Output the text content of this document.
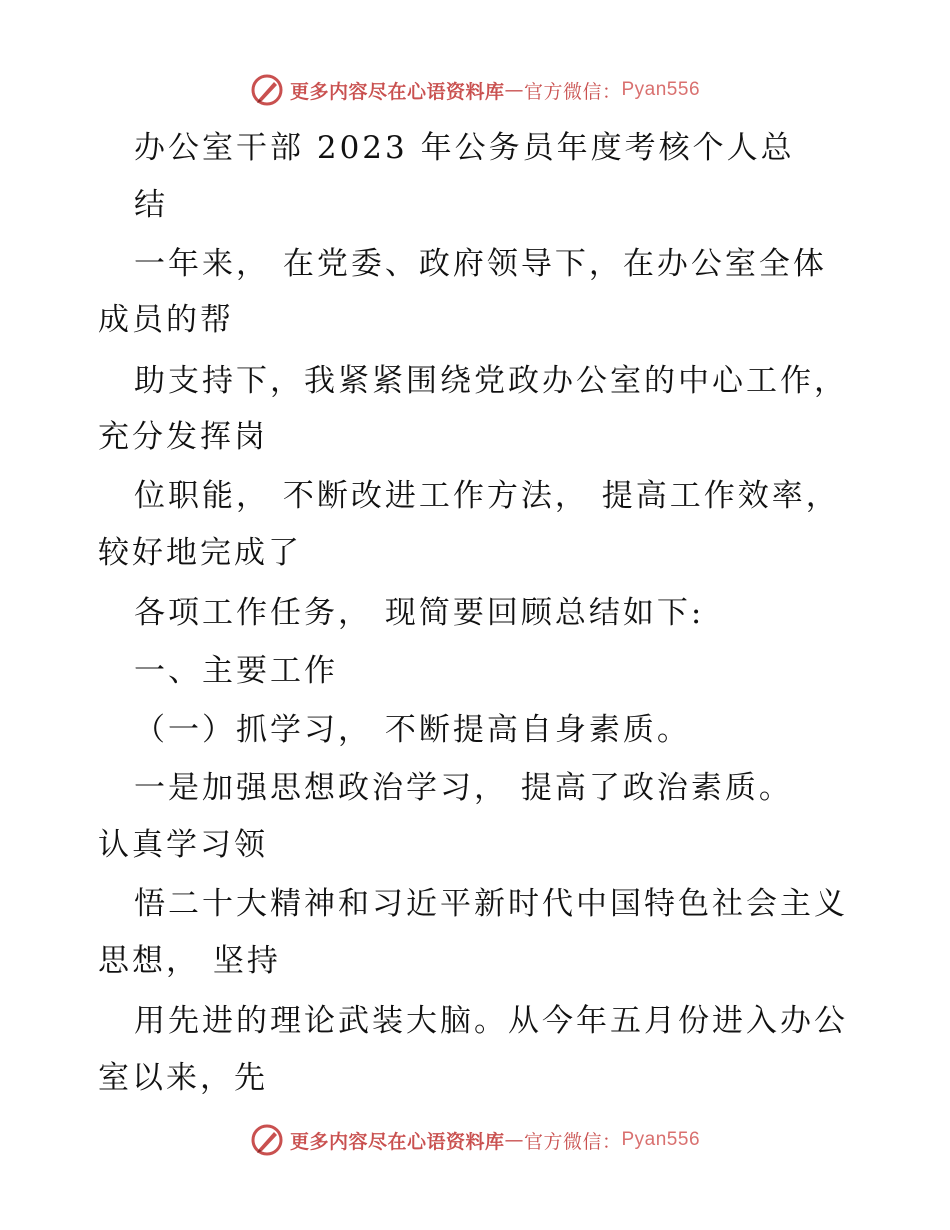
更多内容尽在心语资料库 — 官方微信： Pyan556
办公室干部 2023 年公务员年度考核个人总
结
一年来， 在党委、政府领导下，在办公室全体
成员的帮
助支持下，我紧紧围绕党政办公室的中心工作，
充分发挥岗
位职能， 不断改进工作方法， 提高工作效率，
较好地完成了
各项工作任务， 现简要回顾总结如下:
一、主要工作
（一）抓学习， 不断提高自身素质。
一是加强思想政治学习， 提高了政治素质。
认真学习领
悟二十大精神和习近平新时代中国特色社会主义
思想， 坚持
用先进的理论武装大脑。从今年五月份进入办公
室以来，先
更多内容尽在心语资料库 — 官方微信： Pyan556
